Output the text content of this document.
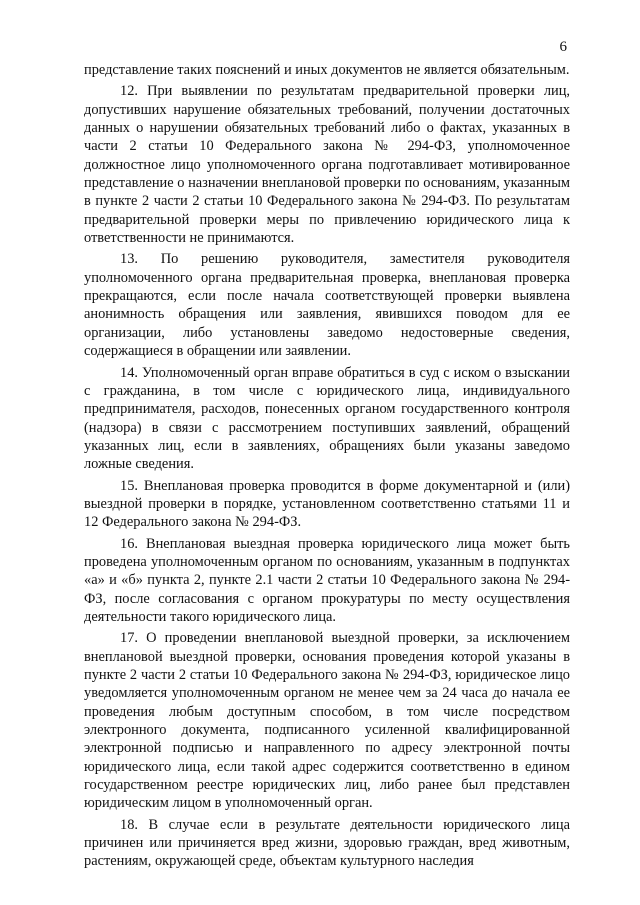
6

представление таких пояснений и иных документов не является обязательным.

12. При выявлении по результатам предварительной проверки лиц, допустивших нарушение обязательных требований, получении достаточных данных о нарушении обязательных требований либо о фактах, указанных в части 2 статьи 10 Федерального закона № 294-ФЗ, уполномоченное должностное лицо уполномоченного органа подготавливает мотивированное представление о назначении внеплановой проверки по основаниям, указанным в пункте 2 части 2 статьи 10 Федерального закона № 294-ФЗ. По результатам предварительной проверки меры по привлечению юридического лица к ответственности не принимаются.

13. По решению руководителя, заместителя руководителя уполномоченного органа предварительная проверка, внеплановая проверка прекращаются, если после начала соответствующей проверки выявлена анонимность обращения или заявления, явившихся поводом для ее организации, либо установлены заведомо недостоверные сведения, содержащиеся в обращении или заявлении.

14. Уполномоченный орган вправе обратиться в суд с иском о взыскании с гражданина, в том числе с юридического лица, индивидуального предпринимателя, расходов, понесенных органом государственного контроля (надзора) в связи с рассмотрением поступивших заявлений, обращений указанных лиц, если в заявлениях, обращениях были указаны заведомо ложные сведения.

15. Внеплановая проверка проводится в форме документарной и (или) выездной проверки в порядке, установленном соответственно статьями 11 и 12 Федерального закона № 294-ФЗ.

16. Внеплановая выездная проверка юридического лица может быть проведена уполномоченным органом по основаниям, указанным в подпунктах «а» и «б» пункта 2, пункте 2.1 части 2 статьи 10 Федерального закона № 294-ФЗ, после согласования с органом прокуратуры по месту осуществления деятельности такого юридического лица.

17. О проведении внеплановой выездной проверки, за исключением внеплановой выездной проверки, основания проведения которой указаны в пункте 2 части 2 статьи 10 Федерального закона № 294-ФЗ, юридическое лицо уведомляется уполномоченным органом не менее чем за 24 часа до начала ее проведения любым доступным способом, в том числе посредством электронного документа, подписанного усиленной квалифицированной электронной подписью и направленного по адресу электронной почты юридического лица, если такой адрес содержится соответственно в едином государственном реестре юридических лиц, либо ранее был представлен юридическим лицом в уполномоченный орган.

18. В случае если в результате деятельности юридического лица причинен или причиняется вред жизни, здоровью граждан, вред животным, растениям, окружающей среде, объектам культурного наследия
